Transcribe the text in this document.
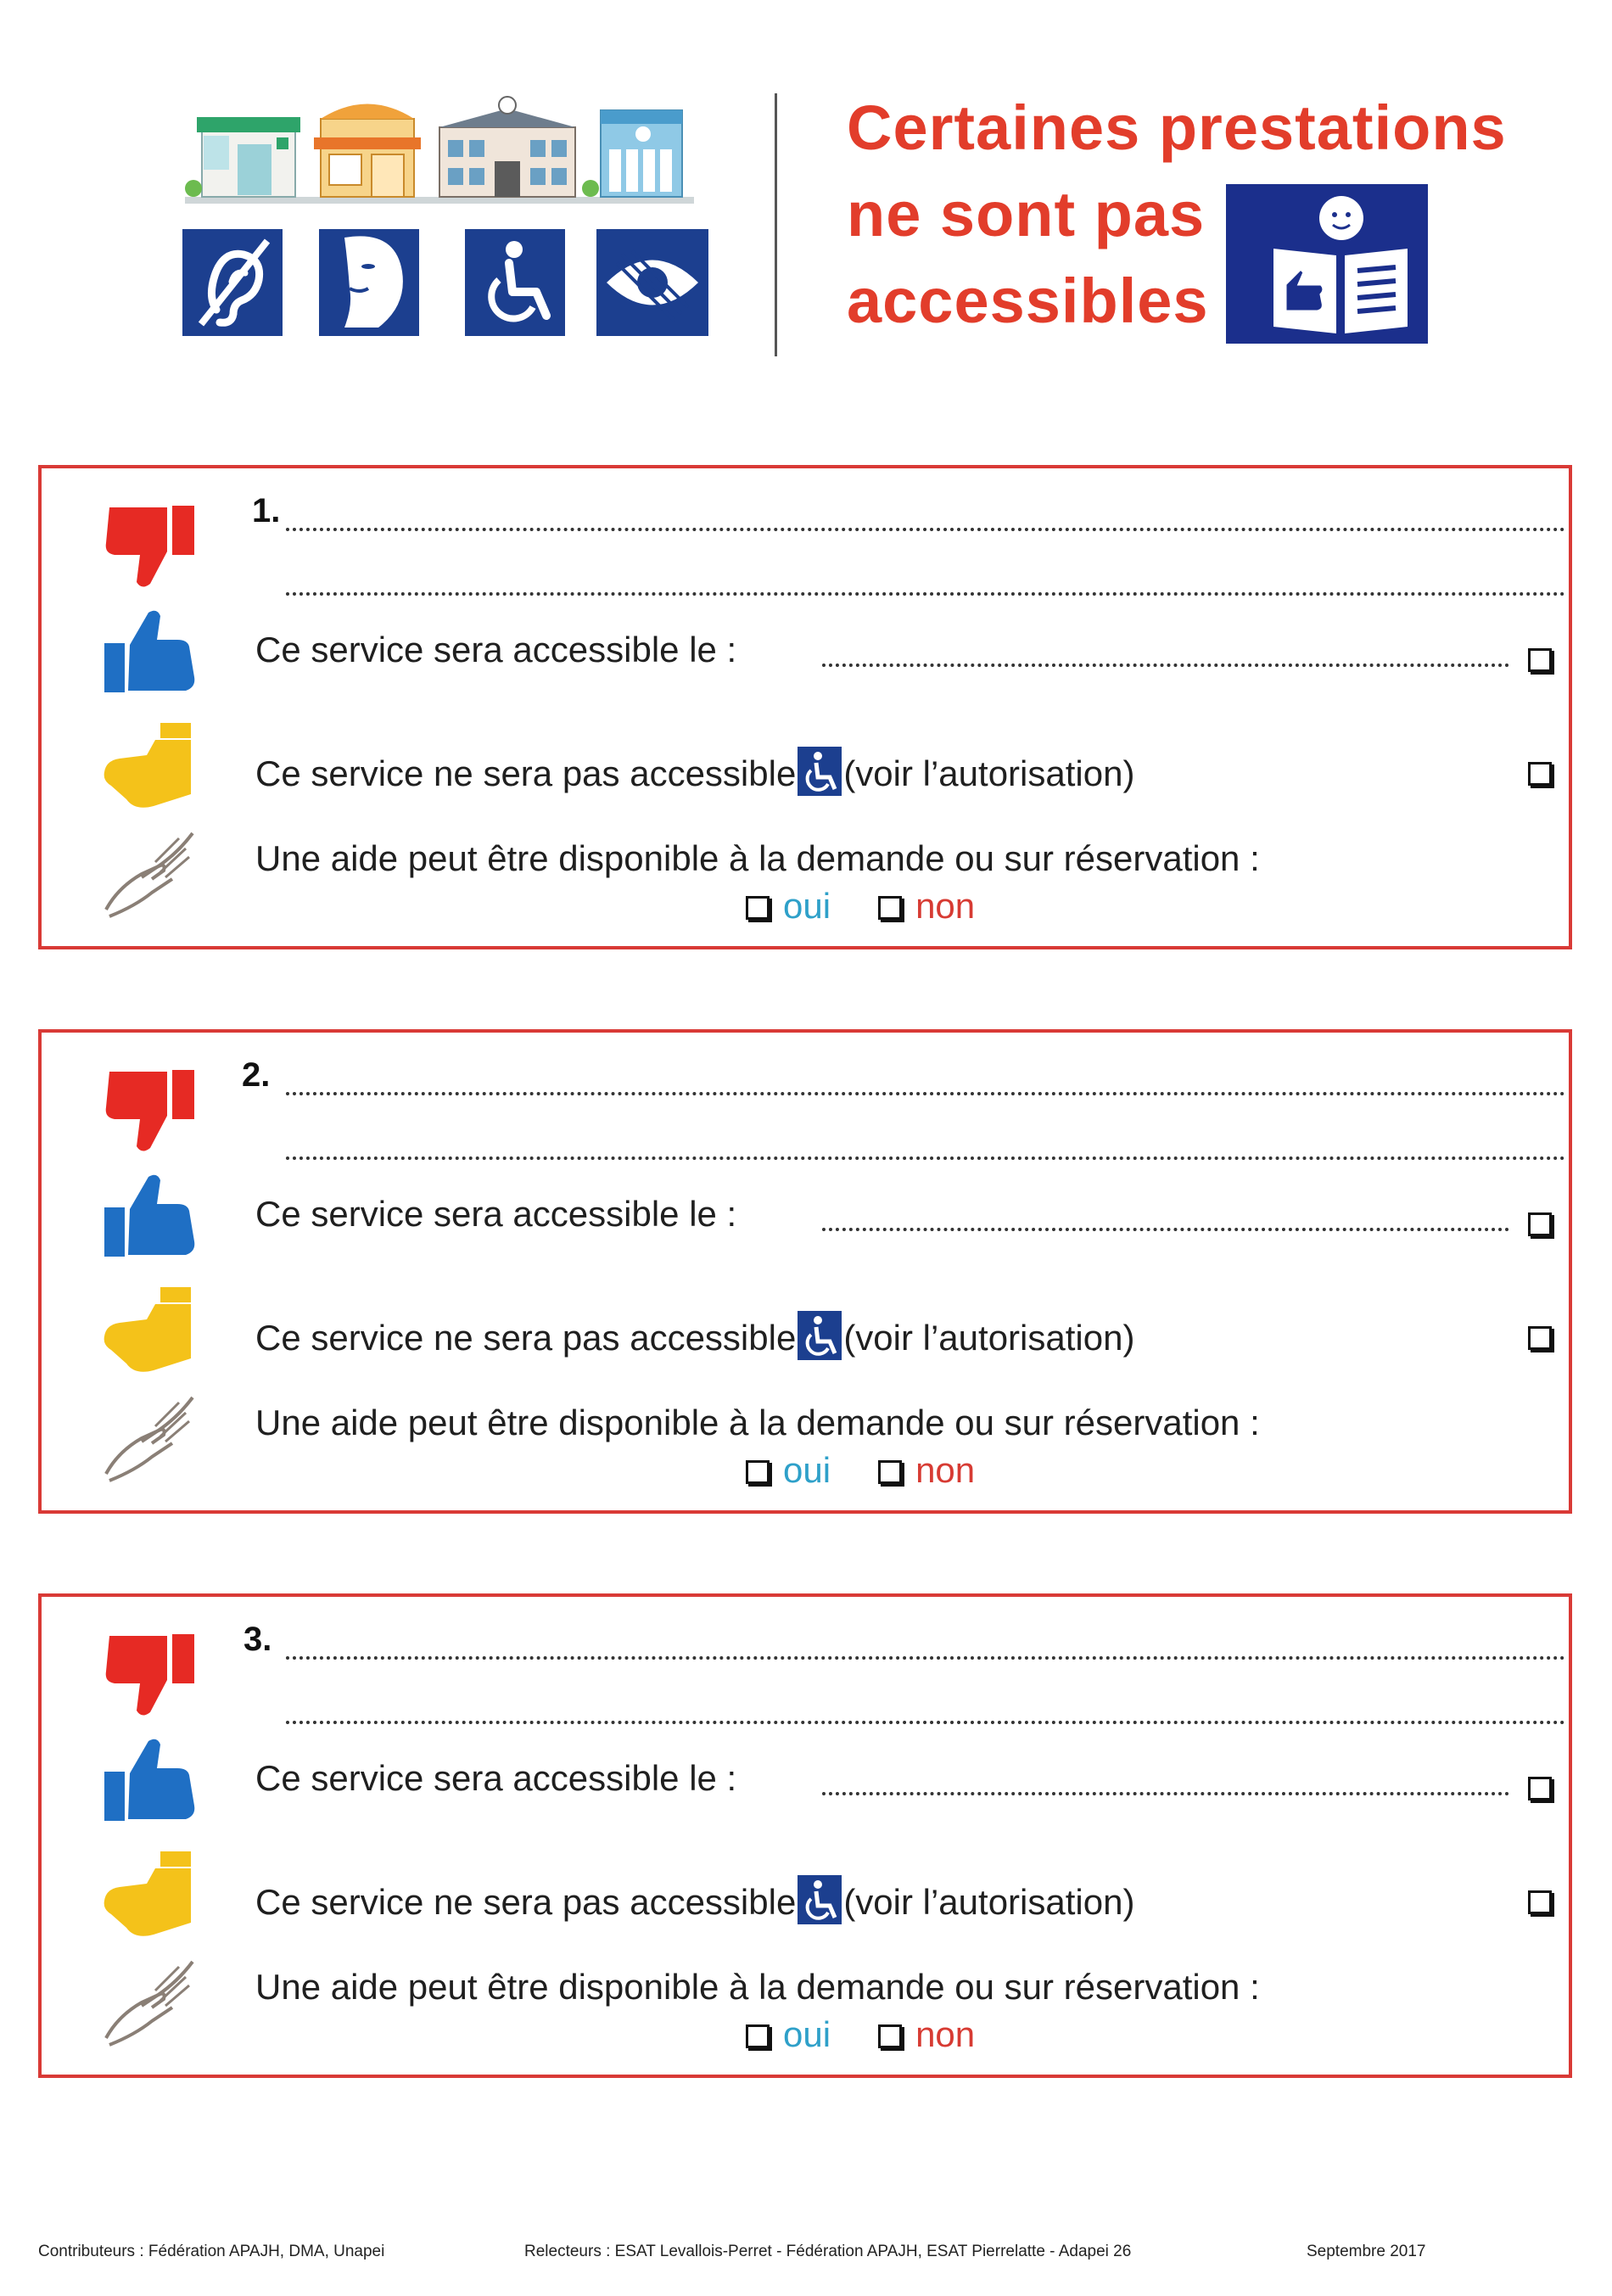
Certaines prestations
ne sont pas
accessibles
1.
Ce service sera accessible le :
Ce service ne sera pas accessible (voir l’autorisation)
Une aide peut être disponible à la demande ou sur réservation :
oui non
2.
Ce service sera accessible le :
Ce service ne sera pas accessible (voir l’autorisation)
Une aide peut être disponible à la demande ou sur réservation :
oui non
3.
Ce service sera accessible le :
Ce service ne sera pas accessible (voir l’autorisation)
Une aide peut être disponible à la demande ou sur réservation :
oui non
Contributeurs : Fédération APAJH, DMA, Unapei	Relecteurs : ESAT Levallois-Perret - Fédération APAJH, ESAT Pierrelatte - Adapei 26	Septembre 2017
